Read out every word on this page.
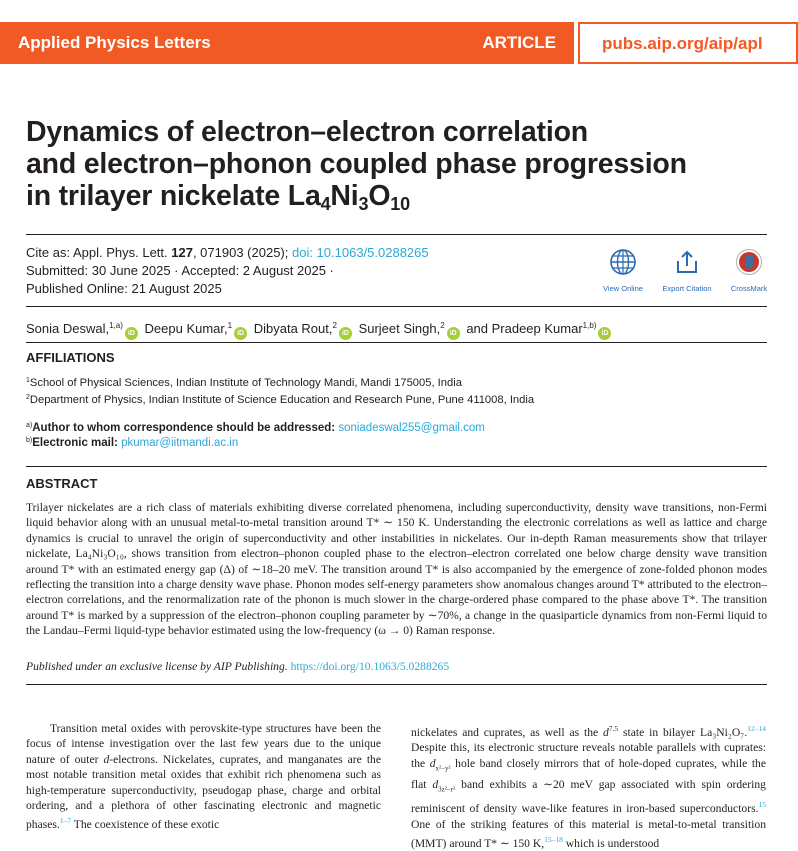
Applied Physics Letters	ARTICLE	pubs.aip.org/aip/apl
Dynamics of electron–electron correlation
and electron–phonon coupled phase progression
in trilayer nickelate $La_4Ni_3O_{10}$
Cite as: Appl. Phys. Lett. 127, 071903 (2025); doi: 10.1063/5.0288265
Submitted: 30 June 2025 · Accepted: 2 August 2025 ·
Published Online: 21 August 2025	View Online	Export Citation	CrossMark
Sonia Deswal,$^{1,a)}$iD Deepu Kumar,$^1$iD Dibyata Rout,$^2$iD Surjeet Singh,$^2$iD and Pradeep Kumar$^{1,b)}$iD
AFFILIATIONS
$^1$School of Physical Sciences, Indian Institute of Technology Mandi, Mandi 175005, India
$^2$Department of Physics, Indian Institute of Science Education and Research Pune, Pune 411008, India
$^{a)}$Author to whom correspondence should be addressed: soniadeswal255@gmail.com
$^{b)}$Electronic mail: pkumar@iitmandi.ac.in
ABSTRACT

Trilayer nickelates are a rich class of materials exhibiting diverse correlated phenomena, including superconductivity, density wave transitions, non-Fermi liquid behavior along with an unusual metal-to-metal transition around T* ∼ 150 K. Understanding the electronic correlations as well as lattice and charge dynamics is crucial to unravel the origin of superconductivity and other instabilities in nickelates. Our in-depth Raman measurements show that trilayer nickelate, La₄Ni₃O₁₀, shows transition from electron–phonon coupled phase to the electron–electron correlated one below charge density wave transition around T* with an estimated energy gap (Δ) of ∼18–20 meV. The transition around T* is also accompanied by the emergence of zone-folded phonon modes reflecting the transition into a charge density wave phase. Phonon modes self-energy parameters show anomalous changes around T* attributed to the electron–electron correlations, and the renormalization rate of the phonon is much slower in the charge-ordered phase compared to the phase above T*. The transition around T* is marked by a suppression of the electron–phonon coupling parameter by ∼70%, a change in the quasiparticle dynamics from non-Fermi liquid to the Landau–Fermi liquid-type behavior estimated using the low-frequency (ω → 0) Raman response.

Published under an exclusive license by AIP Publishing. https://doi.org/10.1063/5.0288265

Transition metal oxides with perovskite-type structures have been the focus of intense investigation over the last few years due to the unique nature of outer d-electrons. Nickelates, cuprates, and manganates are the most notable transition metal oxides that exhibit rich phenomena such as high-temperature superconductivity, pseudogap phase, charge and orbital ordering, and a plethora of other fascinating electronic and magnetic phases.$^{1-7}$ The coexistence of these exotic

nickelates and cuprates, as well as the $d^{7.5}$ state in bilayer La₃Ni₂O₇.$^{12-14}$ Despite this, its electronic structure reveals notable parallels with cuprates: the $d_{x^2-y^2}$ hole band closely mirrors that of hole-doped cuprates, while the flat $d_{3z^2-r^2}$ band exhibits a ∼20 meV gap associated with spin ordering reminiscent of density wave-like features in iron-based superconductors.$^{15}$ One of the striking features of this material is metal-to-metal transition (MMT) around T* ∼ 150 K,$^{15-18}$ which is understood
